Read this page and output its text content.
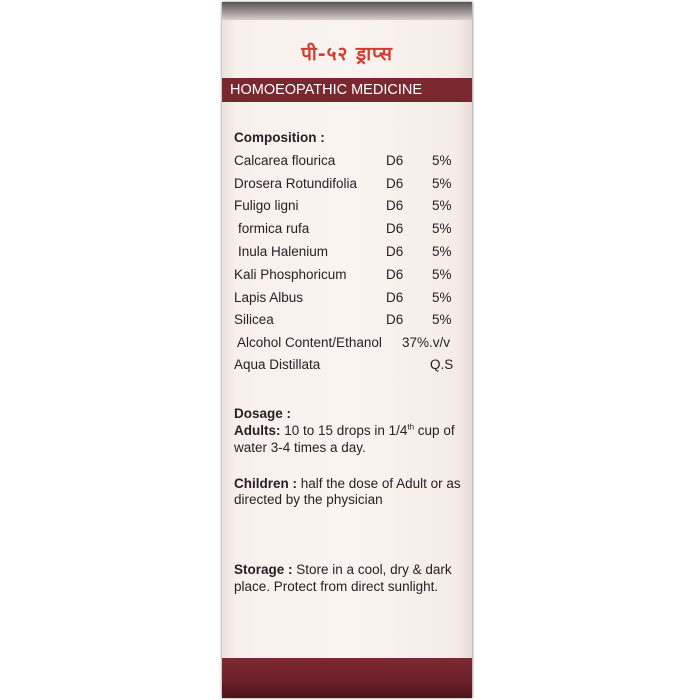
पी-५२ ड्राप्स
HOMOEOPATHIC MEDICINE
Composition :
Calcarea flourica	D6 5%
Drosera Rotundifolia D6 5%
Fuligo ligni	D6 5%
formica rufa	D6 5%
Inula Halenium	D6 5%
Kali Phosphoricum	D6 5%
Lapis Albus	D6 5%
Silicea	D6 5%
Alcohol Content/Ethanol 37%.v/v
Aqua Distillata	Q.S
Dosage :
Adults: 10 to 15 drops in 1/4th cup of
water 3-4 times a day.
Children : half the dose of Adult or as
directed by the physician
Storage : Store in a cool, dry & dark
place. Protect from direct sunlight.
